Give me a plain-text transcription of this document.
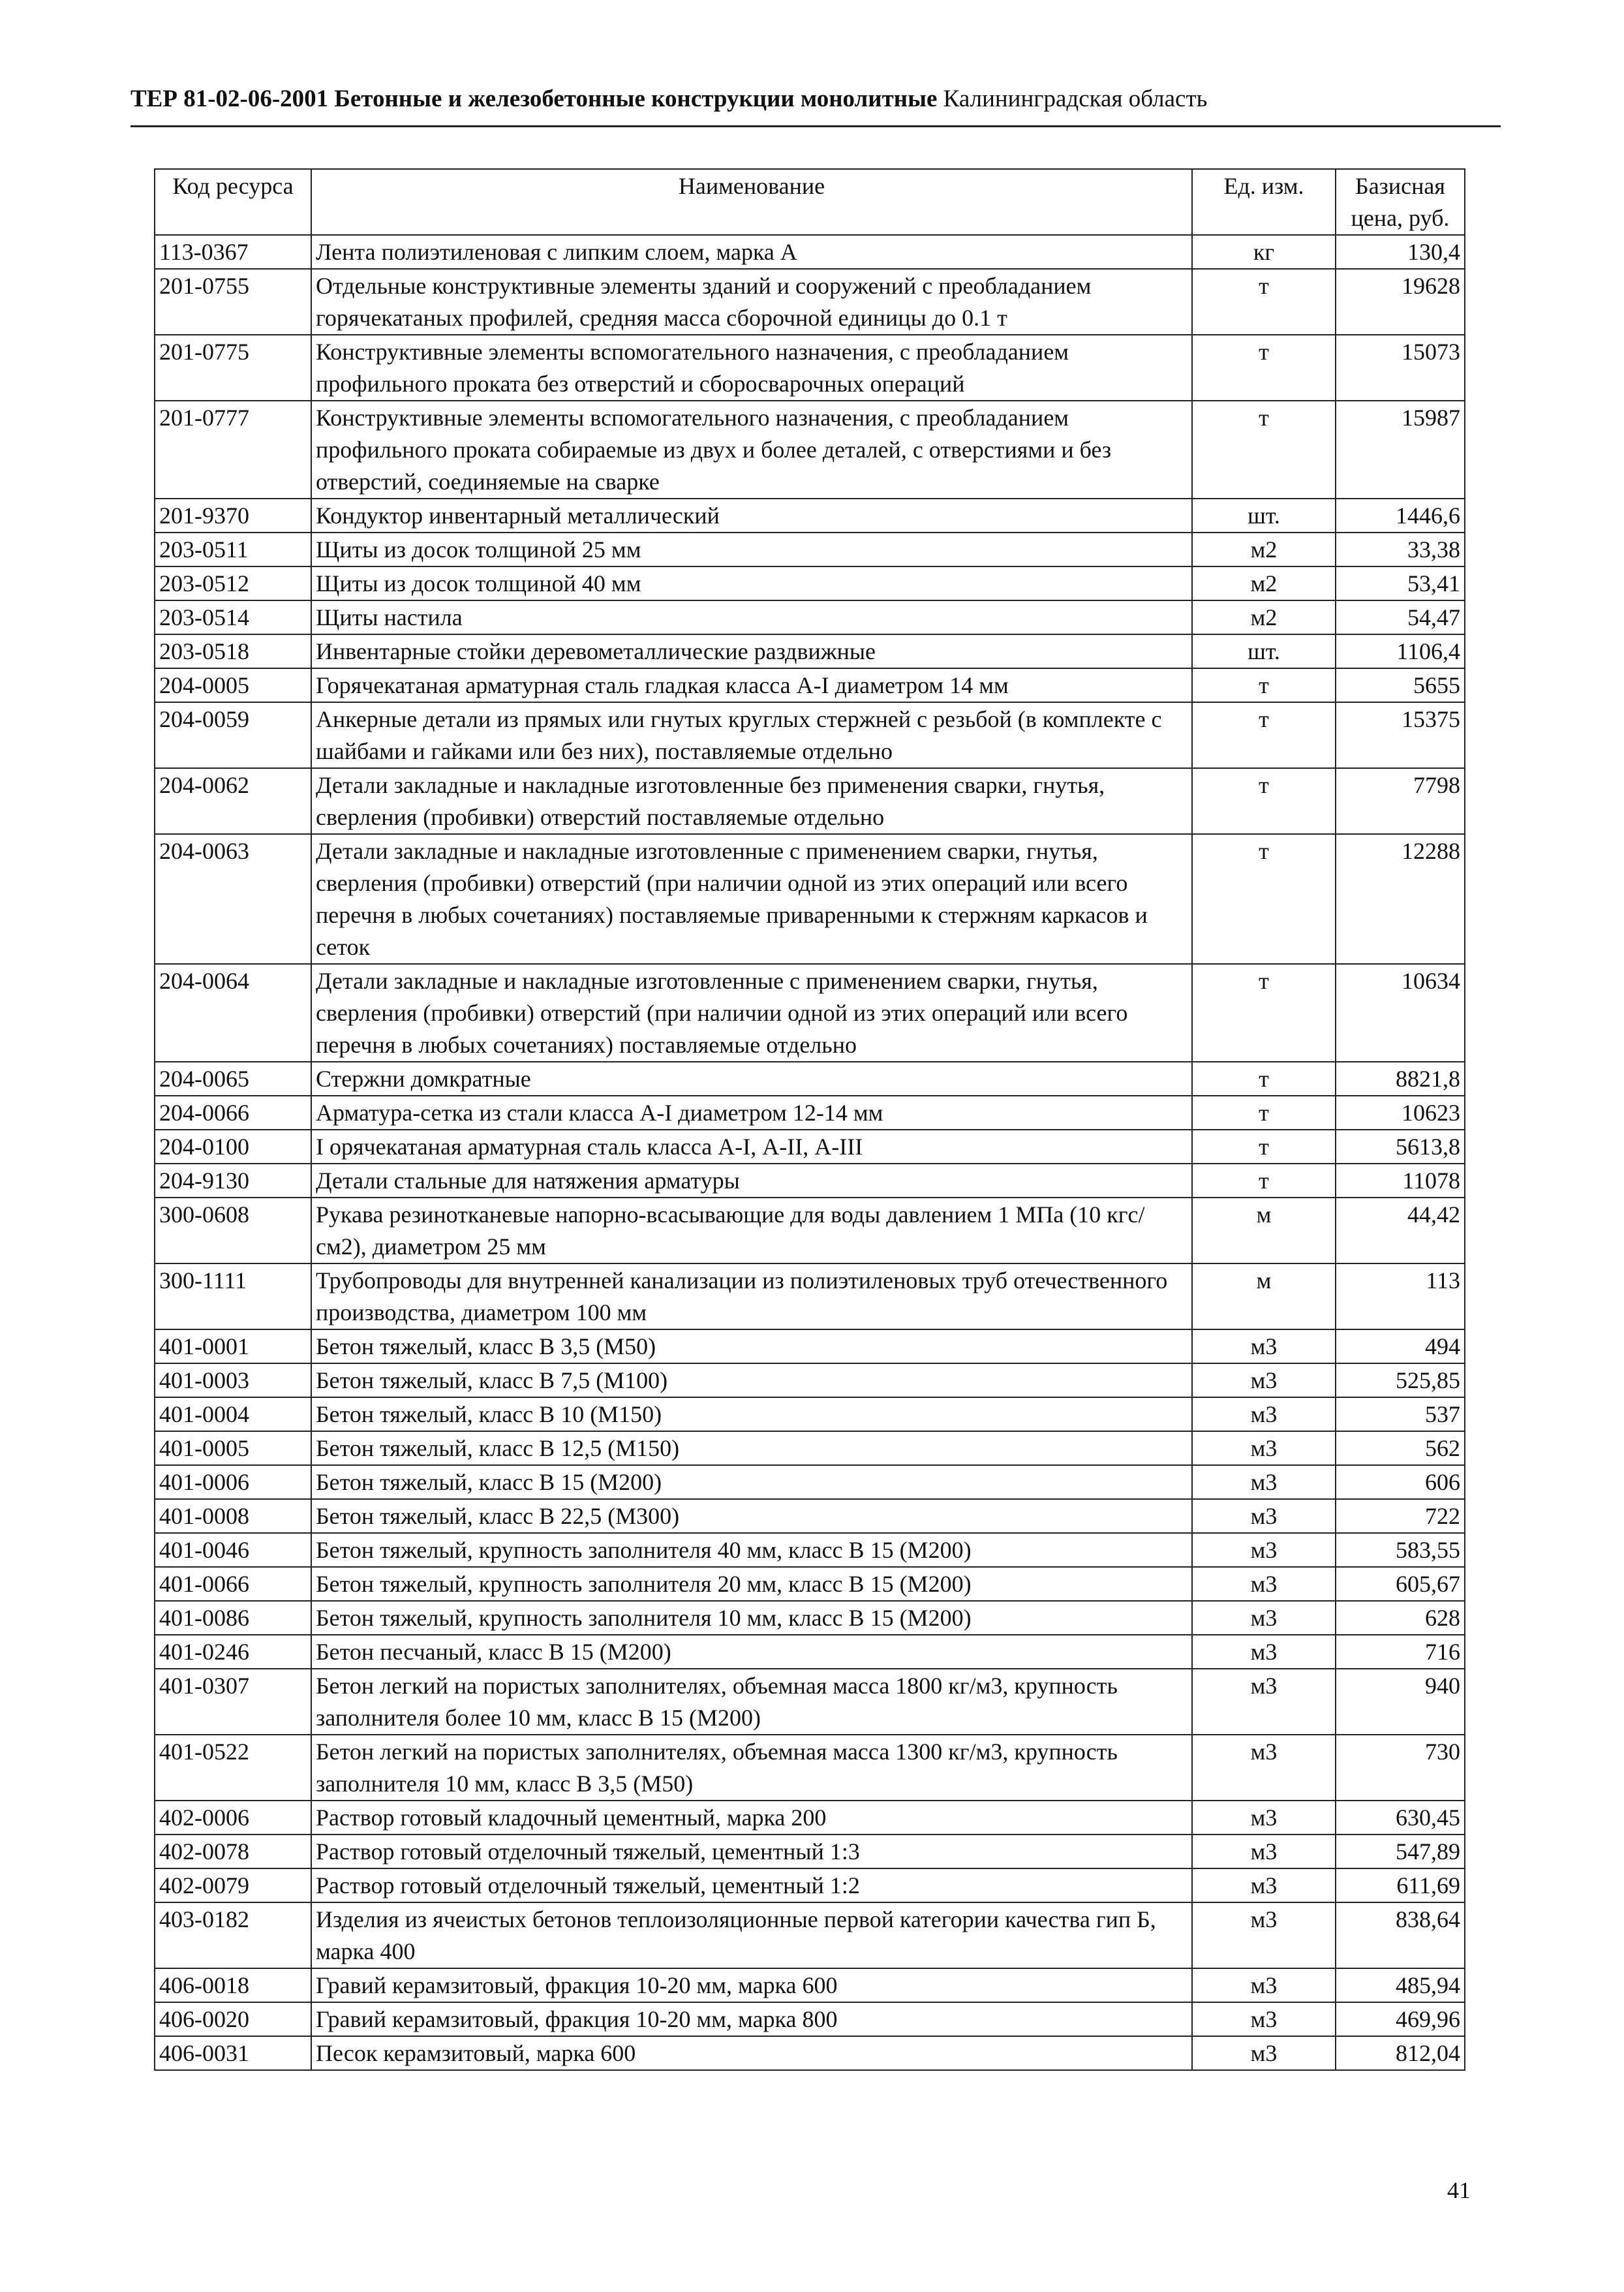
ТЕР 81-02-06-2001 Бетонные и железобетонные конструкции монолитные Калининградская область
Код ресурса	Наименование	Ед. изм.	Базисная цена, руб.
113-0367	Лента полиэтиленовая с липким слоем, марка А	кг	130,4
201-0755	Отдельные конструктивные элементы зданий и сооружений с преобладанием горячекатаных профилей, средняя масса сборочной единицы до 0.1 т	т	19628
201-0775	Конструктивные элементы вспомогательного назначения, с преобладанием профильного проката без отверстий и сборосварочных операций	т	15073
201-0777	Конструктивные элементы вспомогательного назначения, с преобладанием профильного проката собираемые из двух и более деталей, с отверстиями и без отверстий, соединяемые на сварке	т	15987
201-9370	Кондуктор инвентарный металлический	шт.	1446,6
203-0511	Щиты из досок толщиной 25 мм	м2	33,38
203-0512	Щиты из досок толщиной 40 мм	м2	53,41
203-0514	Щиты настила	м2	54,47
203-0518	Инвентарные стойки деревометаллические раздвижные	шт.	1106,4
204-0005	Горячекатаная арматурная сталь гладкая класса А-I диаметром 14 мм	т	5655
204-0059	Анкерные детали из прямых или гнутых круглых стержней с резьбой (в комплекте с шайбами и гайками или без них), поставляемые отдельно	т	15375
204-0062	Детали закладные и накладные изготовленные без применения сварки, гнутья, сверления (пробивки) отверстий поставляемые отдельно	т	7798
204-0063	Детали закладные и накладные изготовленные с применением сварки, гнутья, сверления (пробивки) отверстий (при наличии одной из этих операций или всего перечня в любых сочетаниях) поставляемые приваренными к стержням каркасов и сеток	т	12288
204-0064	Детали закладные и накладные изготовленные с применением сварки, гнутья, сверления (пробивки) отверстий (при наличии одной из этих операций или всего перечня в любых сочетаниях) поставляемые отдельно	т	10634
204-0065	Стержни домкратные	т	8821,8
204-0066	Арматура-сетка из стали класса А-I диаметром 12-14 мм	т	10623
204-0100	I орячекатаная арматурная сталь класса А-I, А-II, А-III	т	5613,8
204-9130	Детали стальные для натяжения арматуры	т	11078
300-0608	Рукава резинотканевые напорно-всасывающие для воды давлением 1 МПа (10 кгс/см2), диаметром 25 мм	м	44,42
300-1111	Трубопроводы для внутренней канализации из полиэтиленовых труб отечественного производства, диаметром 100 мм	м	113
401-0001	Бетон тяжелый, класс В 3,5 (М50)	м3	494
401-0003	Бетон тяжелый, класс В 7,5 (М100)	м3	525,85
401-0004	Бетон тяжелый, класс В 10 (М150)	м3	537
401-0005	Бетон тяжелый, класс В 12,5 (М150)	м3	562
401-0006	Бетон тяжелый, класс В 15 (М200)	м3	606
401-0008	Бетон тяжелый, класс В 22,5 (М300)	м3	722
401-0046	Бетон тяжелый, крупность заполнителя 40 мм, класс В 15 (М200)	м3	583,55
401-0066	Бетон тяжелый, крупность заполнителя 20 мм, класс В 15 (М200)	м3	605,67
401-0086	Бетон тяжелый, крупность заполнителя 10 мм, класс В 15 (М200)	м3	628
401-0246	Бетон песчаный, класс В 15 (М200)	м3	716
401-0307	Бетон легкий на пористых заполнителях, объемная масса 1800 кг/м3, крупность заполнителя более 10 мм, класс В 15 (М200)	м3	940
401-0522	Бетон легкий на пористых заполнителях, объемная масса 1300 кг/м3, крупность заполнителя 10 мм, класс В 3,5 (М50)	м3	730
402-0006	Раствор готовый кладочный цементный, марка 200	м3	630,45
402-0078	Раствор готовый отделочный тяжелый, цементный 1:3	м3	547,89
402-0079	Раствор готовый отделочный тяжелый, цементный 1:2	м3	611,69
403-0182	Изделия из ячеистых бетонов теплоизоляционные первой категории качества гип Б, марка 400	м3	838,64
406-0018	Гравий керамзитовый, фракция 10-20 мм, марка 600	м3	485,94
406-0020	Гравий керамзитовый, фракция 10-20 мм, марка 800	м3	469,96
406-0031	Песок керамзитовый, марка 600	м3	812,04
41
